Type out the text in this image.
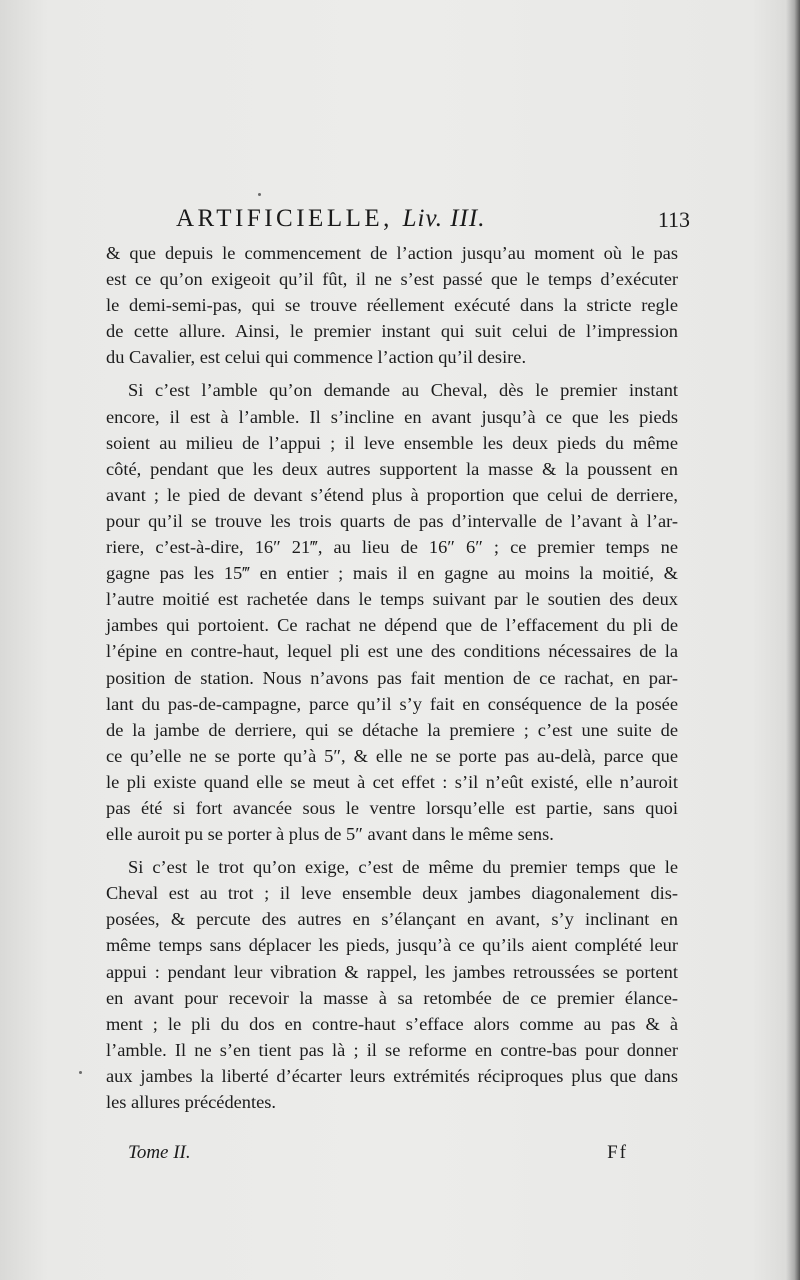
ARTIFICIELLE, Liv. III.	113
& que depuis le commencement de l’action jusqu’au moment où le pas
est ce qu’on exigeoit qu’il fût, il ne s’est passé que le temps d’exécuter
le demi-semi-pas, qui se trouve réellement exécuté dans la stricte regle
de cette allure. Ainsi, le premier instant qui suit celui de l’impression
du Cavalier, est celui qui commence l’action qu’il desire.
Si c’est l’amble qu’on demande au Cheval, dès le premier instant
encore, il est à l’amble. Il s’incline en avant jusqu’à ce que les pieds
soient au milieu de l’appui ; il leve ensemble les deux pieds du même
côté, pendant que les deux autres supportent la masse & la poussent en
avant ; le pied de devant s’étend plus à proportion que celui de derriere,
pour qu’il se trouve les trois quarts de pas d’intervalle de l’avant à l’ar-
riere, c’est-à-dire, 16″ 21‴, au lieu de 16″ 6″ ; ce premier temps ne
gagne pas les 15‴ en entier ; mais il en gagne au moins la moitié, &
l’autre moitié est rachetée dans le temps suivant par le soutien des deux
jambes qui portoient. Ce rachat ne dépend que de l’effacement du pli de
l’épine en contre-haut, lequel pli est une des conditions nécessaires de la
position de station. Nous n’avons pas fait mention de ce rachat, en par-
lant du pas-de-campagne, parce qu’il s’y fait en conséquence de la posée
de la jambe de derriere, qui se détache la premiere ; c’est une suite de
ce qu’elle ne se porte qu’à 5″, & elle ne se porte pas au-delà, parce que
le pli existe quand elle se meut à cet effet : s’il n’eût existé, elle n’auroit
pas été si fort avancée sous le ventre lorsqu’elle est partie, sans quoi
elle auroit pu se porter à plus de 5″ avant dans le même sens.
Si c’est le trot qu’on exige, c’est de même du premier temps que le
Cheval est au trot ; il leve ensemble deux jambes diagonalement dis-
posées, & percute des autres en s’élançant en avant, s’y inclinant en
même temps sans déplacer les pieds, jusqu’à ce qu’ils aient complété leur
appui : pendant leur vibration & rappel, les jambes retroussées se portent
en avant pour recevoir la masse à sa retombée de ce premier élance-
ment ; le pli du dos en contre-haut s’efface alors comme au pas & à
l’amble. Il ne s’en tient pas là ; il se reforme en contre-bas pour donner
aux jambes la liberté d’écarter leurs extrémités réciproques plus que dans
les allures précédentes.
Tome II.	Ff
